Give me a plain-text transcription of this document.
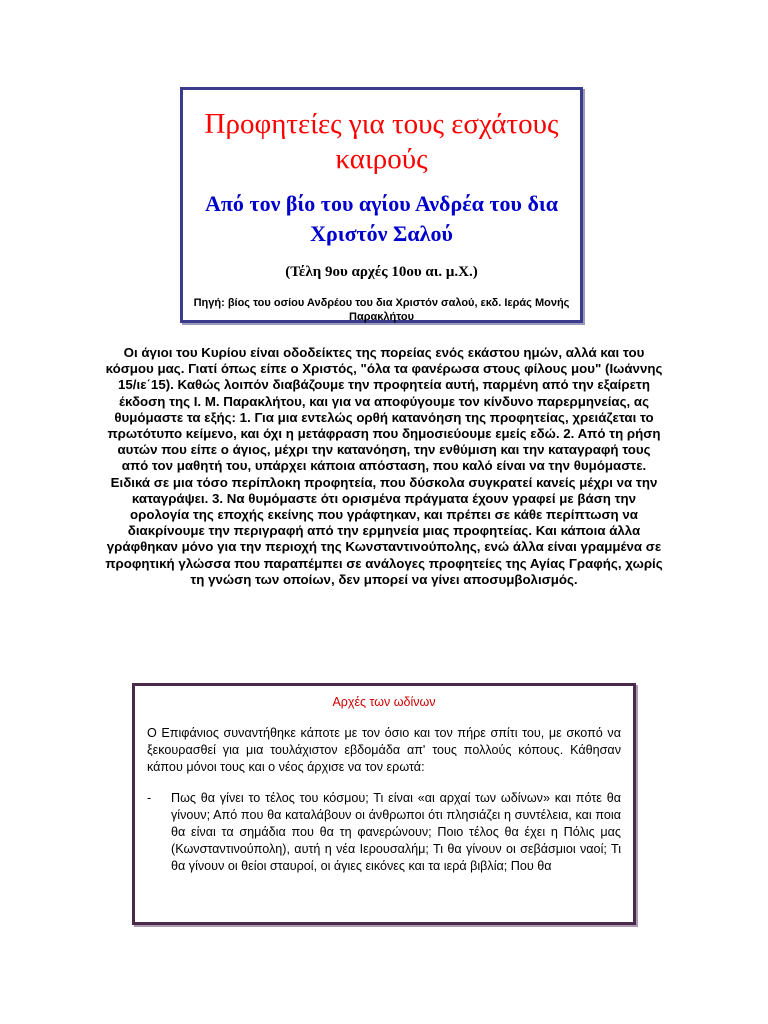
Προφητείες για τους εσχάτους καιρούς
Από τον βίο του αγίου Ανδρέα του δια Χριστόν Σαλού
(Τέλη 9ου αρχές 10ου αι. μ.Χ.)
Πηγή: βίος του οσίου Ανδρέου του δια Χριστόν σαλού, εκδ. Ιεράς Μονής Παρακλήτου

Οι άγιοι του Κυρίου είναι οδοδείκτες της πορείας ενός εκάστου ημών, αλλά και του κόσμου μας. Γιατί όπως είπε ο Χριστός, "όλα τα φανέρωσα στους φίλους μου" (Ιωάννης 15/ιε΄15). Καθώς λοιπόν διαβάζουμε την προφητεία αυτή, παρμένη από την εξαίρετη έκδοση της Ι. Μ. Παρακλήτου, και για να αποφύγουμε τον κίνδυνο παρερμηνείας, ας θυμόμαστε τα εξής: 1. Για μια εντελώς ορθή κατανόηση της προφητείας, χρειάζεται το πρωτότυπο κείμενο, και όχι η μετάφραση που δημοσιεύουμε εμείς εδώ. 2. Από τη ρήση αυτών που είπε ο άγιος, μέχρι την κατανόηση, την ενθύμιση και την καταγραφή τους από τον μαθητή του, υπάρχει κάποια απόσταση, που καλό είναι να την θυμόμαστε. Ειδικά σε μια τόσο περίπλοκη προφητεία, που δύσκολα συγκρατεί κανείς μέχρι να την καταγράψει. 3. Να θυμόμαστε ότι ορισμένα πράγματα έχουν γραφεί με βάση την ορολογία της εποχής εκείνης που γράφτηκαν, και πρέπει σε κάθε περίπτωση να διακρίνουμε την περιγραφή από την ερμηνεία μιας προφητείας. Και κάποια άλλα γράφθηκαν μόνο για την περιοχή της Κωνσταντινούπολης, ενώ άλλα είναι γραμμένα σε προφητική γλώσσα που παραπέμπει σε ανάλογες προφητείες της Αγίας Γραφής, χωρίς τη γνώση των οποίων, δεν μπορεί να γίνει αποσυμβολισμός.

Αρχές των ωδίνων

Ο Επιφάνιος συναντήθηκε κάποτε με τον όσιο και τον πήρε σπίτι του, με σκοπό να ξεκουρασθεί για μια τουλάχιστον εβδομάδα απ' τους πολλούς κόπους. Κάθησαν κάπου μόνοι τους και ο νέος άρχισε να τον ερωτά:

-	Πως θα γίνει το τέλος του κόσμου; Τι είναι «αι αρχαί των ωδίνων» και πότε θα γίνουν; Από που θα καταλάβουν οι άνθρωποι ότι πλησιάζει η συντέλεια, και ποια θα είναι τα σημάδια που θα τη φανερώνουν; Ποιο τέλος θα έχει η Πόλις μας (Κωνσταντινούπολη), αυτή η νέα Ιερουσαλήμ; Τι θα γίνουν οι σεβάσμιοι ναοί; Τι θα γίνουν οι θείοι σταυροί, οι άγιες εικόνες και τα ιερά βιβλία; Που θα
